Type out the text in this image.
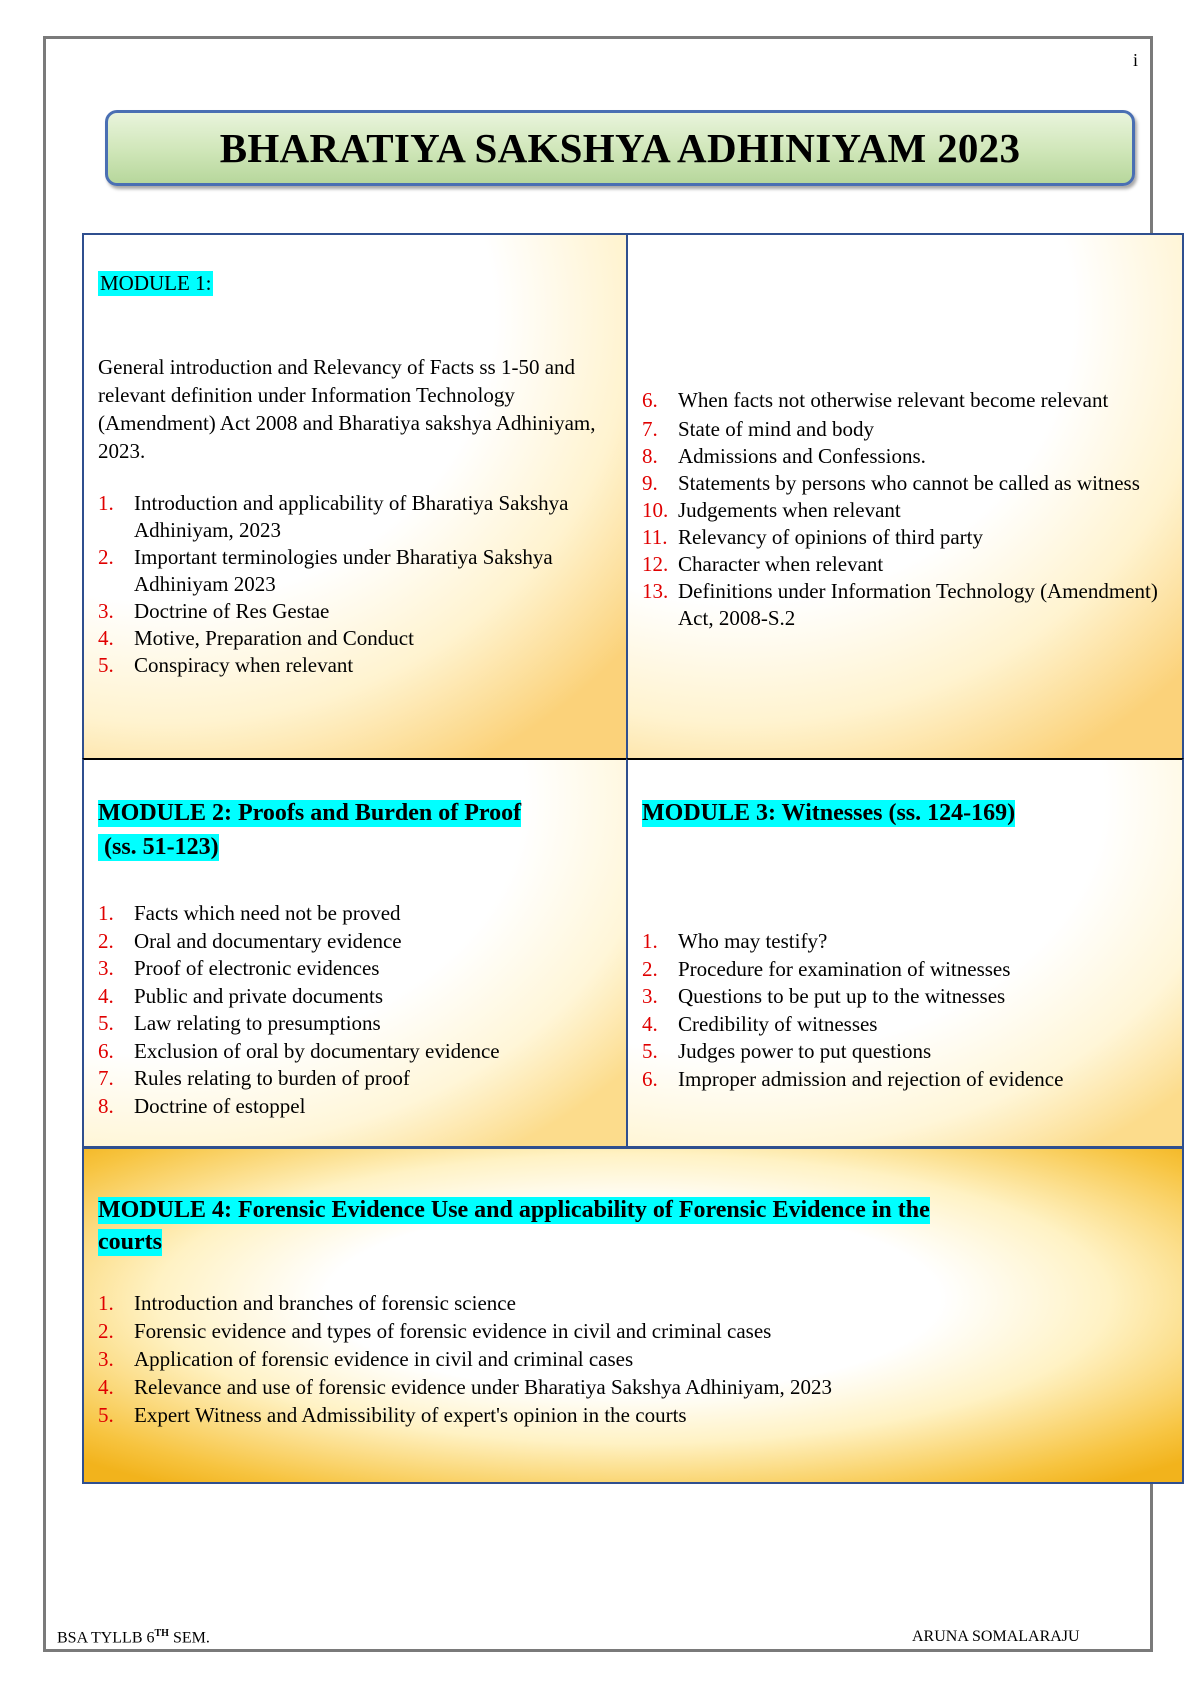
i
BHARATIYA SAKSHYA ADHINIYAM 2023
MODULE 1:

General introduction and Relevancy of Facts ss 1-50 and relevant definition under Information Technology (Amendment) Act 2008 and Bharatiya sakshya Adhiniyam, 2023.

1. Introduction and applicability of Bharatiya Sakshya Adhiniyam, 2023
2. Important terminologies under Bharatiya Sakshya Adhiniyam 2023
3. Doctrine of Res Gestae
4. Motive, Preparation and Conduct
5. Conspiracy when relevant
6. When facts not otherwise relevant become relevant
7. State of mind and body
8. Admissions and Confessions.
9. Statements by persons who cannot be called as witness
10. Judgements when relevant
11. Relevancy of opinions of third party
12. Character when relevant
13. Definitions under Information Technology (Amendment) Act, 2008-S.2
MODULE 2: Proofs and Burden of Proof
(ss. 51-123)
1. Facts which need not be proved
2. Oral and documentary evidence
3. Proof of electronic evidences
4. Public and private documents
5. Law relating to presumptions
6. Exclusion of oral by documentary evidence
7. Rules relating to burden of proof
8. Doctrine of estoppel
MODULE 3: Witnesses (ss. 124-169)
1. Who may testify?
2. Procedure for examination of witnesses
3. Questions to be put up to the witnesses
4. Credibility of witnesses
5. Judges power to put questions
6. Improper admission and rejection of evidence
MODULE 4: Forensic Evidence Use and applicability of Forensic Evidence in the
courts
1. Introduction and branches of forensic science
2. Forensic evidence and types of forensic evidence in civil and criminal cases
3. Application of forensic evidence in civil and criminal cases
4. Relevance and use of forensic evidence under Bharatiya Sakshya Adhiniyam, 2023
5. Expert Witness and Admissibility of expert's opinion in the courts
BSA TYLLB 6TH SEM.	ARUNA SOMALARAJU
